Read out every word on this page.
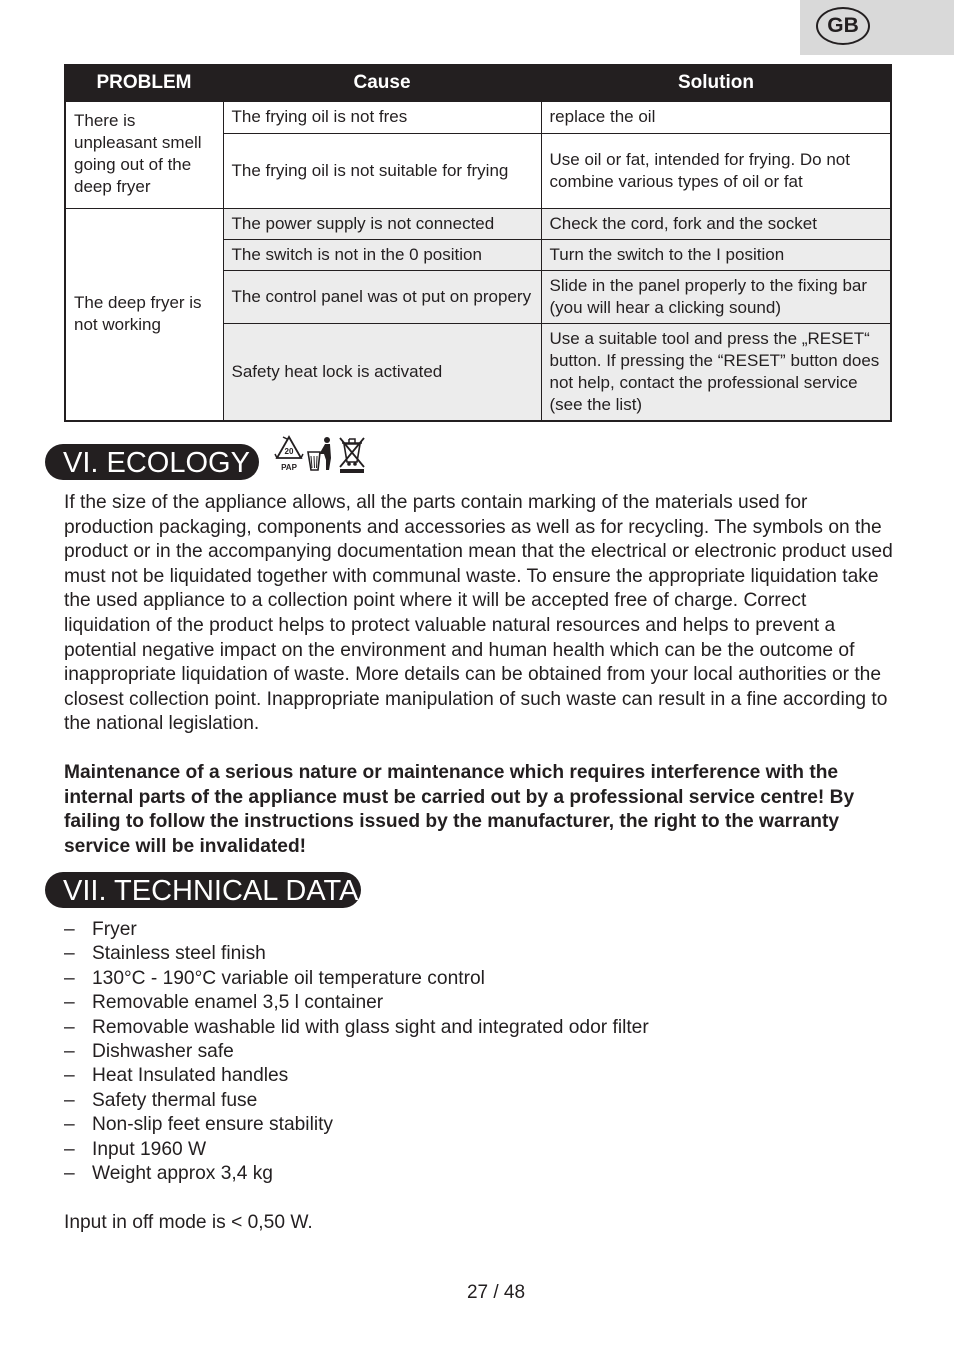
GB
PROBLEM	Cause	Solution
There is unpleasant smell going out of the deep fryer	The frying oil is not fres	replace the oil
	The frying oil is not suitable for frying	Use oil or fat, intended for frying. Do not combine various types of oil or fat
The deep fryer is not working	The power supply is not connected	Check the cord, fork and the socket
	The switch is not in the 0 position	Turn the switch to the I position
	The control panel was ot put on propery	Slide in the panel properly to the fixing bar (you will hear a clicking sound)
	Safety heat lock is activated	Use a suitable tool and press the „RESET“ button. If pressing the “RESET” button does not help, contact the professional service (see the list)
VI. ECOLOGY	20
PAP

If the size of the appliance allows, all the parts contain marking of the materials used for production packaging, components and accessories as well as for recycling. The symbols on the product or in the accompanying documentation mean that the electrical or electronic product used must not be liquidated together with communal waste. To ensure the appropriate liquidation take the used appliance to a collection point where it will be accepted free of charge. Correct liquidation of the product helps to protect valuable natural resources and helps to prevent a potential negative impact on the environment and human health which can be the outcome of inappropriate liquidation of waste. More details can be obtained from your local authorities or the closest collection point. Inappropriate manipulation of such waste can result in a fine according to the national legislation.

Maintenance of a serious nature or maintenance which requires interference with the internal parts of the appliance must be carried out by a professional service centre! By failing to follow the instructions issued by the manufacturer, the right to the warranty service will be invalidated!

VII. TECHNICAL DATA
– Fryer
– Stainless steel finish
– 130°C - 190°C variable oil temperature control
– Removable enamel 3,5 l container
– Removable washable lid with glass sight and integrated odor filter
– Dishwasher safe
– Heat Insulated handles
– Safety thermal fuse
– Non-slip feet ensure stability
– Input 1960 W
– Weight approx 3,4 kg

Input in off mode is < 0,50 W.

27 / 48
